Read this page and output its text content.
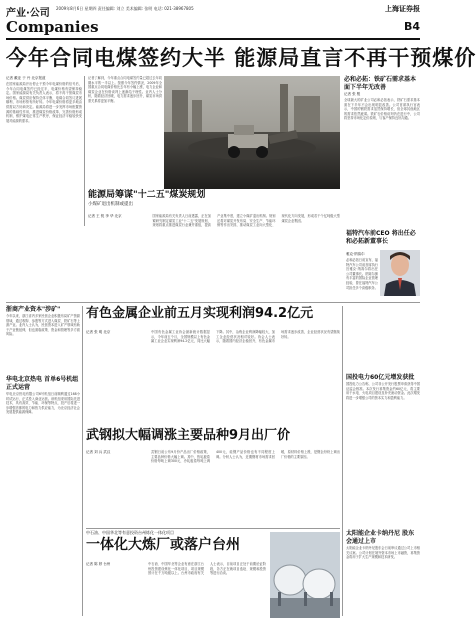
产业·公司 2009年8月6日 星期四 责任编辑: 刘立 美术编辑: 张明 电话: 021-38967805
Companies
上海证券报
B4
今年合同电煤签约大半 能源局直言不再干预煤价
记者 戴亚 于 丹 北京报道
在国家能源局开出停止干预今年电煤价格的信号后，今年合同电煤签约已经过半，电煤价格有望保持稳定。国家能源局有关负责人表示，将不再干预煤炭市场价格。煤炭供应保持总体平衡，电煤合同签订进展顺利，市场形势有所好转。今年电煤价格将更多地由供需双方协商决定。能源局将进一步发挥市场配置资源的基础性作用，推进煤炭价格改革，完善价格形成机制，维护煤电正常生产秩序，保证经济平稳较快发展对能源的需求。
记者了解到，今年重点合同电煤签约量已超过去年同期水平的一半以上。按照今年签约情况，2009年全国重点合同电煤价格比去年有小幅上涨，电力企业和煤炭企业在价格谈判上逐渐趋于理性。业内人士分析，随着经济回暖，电力需求逐步回升，煤炭市场供需关系将更加平衡。
必和必拓：铁矿石需求基本面下半年无改善
记者 张 骏
全球最大的矿业公司必和必拓表示，铁矿石需求基本面在下半年不会出现明显改善。公司首席执行官表示，中国的钢铁需求虽然保持增长，但全球其他地区的需求依然疲弱。铁矿石价格谈判仍在进行中，公司将坚持市场化定价原则，与客户保持良好沟通。
能源局筹谋"十二五"煤炭规划
小煤矿退出机制或提出
记者 王 锐 李 华 北京	国家能源局有关负责人日前透露，正在加紧研究制定煤炭工业"十二五"发展规划，规划将重点推进煤炭行业兼并重组，提高产业集中度，建立小煤矿退出机制。规划还将对煤炭开发布局、安全生产、节能环保等作出安排，推动煤炭工业向大型化、现代化方向发展，形成若干个亿吨级大型煤炭企业集团。
浙商产业资本"涉矿"
今年以来，浙江省内多家民营企业积极布局矿产资源领域，通过收购、参股等方式进入煤炭、铁矿石等上游产业。业内人士认为，民营资本进入矿产领域有助于产业链延伸，但也面临政策、资金和管理等多方面风险。
华电北京热电 首单6号机组正式运营
华电北京热电有限公司6号机组日前顺利通过168小时试运行，正式投入商业运营。该机组采用国际先进技术，具有高效、节能、环保等特点，投产后将进一步增强首都的电力和热力供应能力，为北京经济社会发展提供能源保障。
有色金属企业前五月实现利润94.2亿元
记者 张 明 北京	中国有色金属工业协会最新统计数据显示，今年前五个月，全国规模以上有色金属工业企业实现利润94.2亿元，同比大幅下降。其中，冶炼企业利润降幅较大，加工企业经营状况相对较好。协会人士表示，随着国内经济企稳回升，有色金属市场需求逐步改善，企业经营状况有望继续好转。
武钢拟大幅调涨主要品种9月出厂价
记者 刘 兵 武汉	武钢日前公布9月份产品出厂价格政策，主要品种价格大幅上调。其中，热轧板卷价格每吨上调300元，冷轧板卷每吨上调400元，硅钢产品价格也有不同程度上调。分析人士认为，近期钢材市场需求回暖，原材料价格上涨，是钢企纷纷上调出厂价格的主要原因。
中石油、中国华北等有意投资台州炼化一体化项目
一体化大炼厂或落户台州
记者 陈 婷 台州	中石油、中国华北等企业有意在浙江台州投资建设炼化一体化项目，项目规模预计在千万吨级以上。台州市政府有关人士表示，目前项目正处于前期论证阶段，各方正在就项目选址、规模和投资等进行洽谈。
福特汽车前CEO 将出任必和必拓新董事长
雅克·纳赛尔
必和必拓日前宣布，福特汽车公司前首席执行官雅克·纳赛尔将出任公司董事长。纳赛尔拥有丰富的国际企业管理经验，曾在福特汽车公司担任多个高级职务。
国投电力60亿元增发获批
国投电力公告称，公司非公开发行股票申请获得中国证监会核准。本次发行募集资金约60亿元，将主要用于水电、火电项目建设及补充流动资金。此次增发将进一步增强公司的资本实力和盈利能力。
太阳能企业卡纳丹尼 股东会通过上市
太阳能企业卡纳丹尼股东会日前审议通过公司上市相关议案。公司计划在境外资本市场上市融资，募集资金将用于扩大生产规模和技术研发。
